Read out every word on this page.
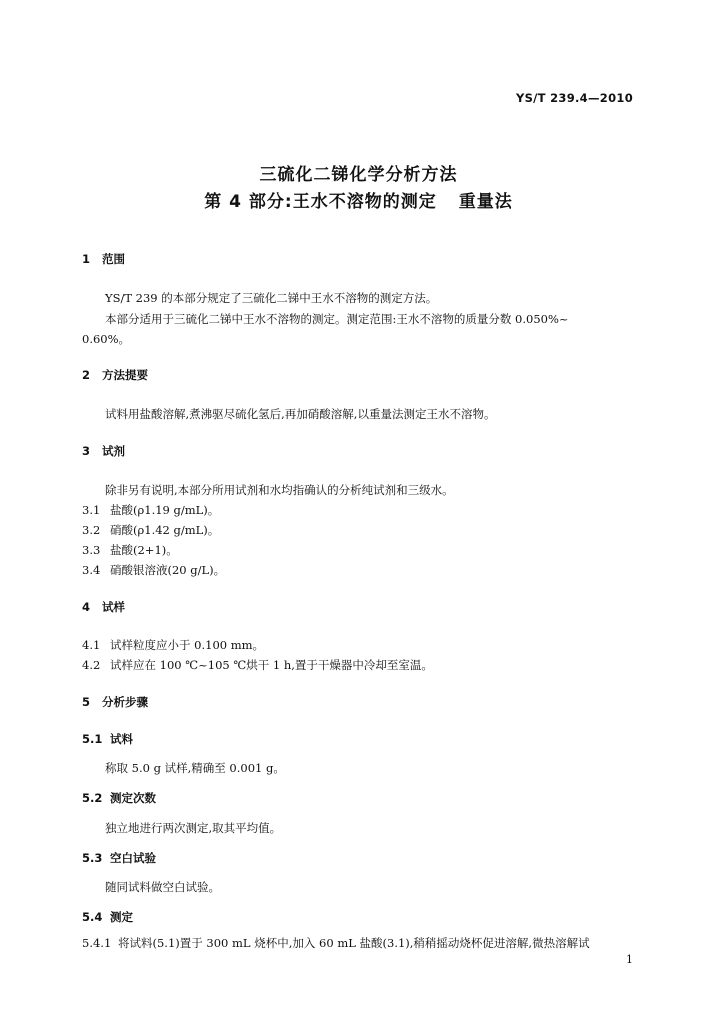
YS/T 239.4—2010
三硫化二锑化学分析方法
第 4 部分:王水不溶物的测定 重量法
1 范围
YS/T 239 的本部分规定了三硫化二锑中王水不溶物的测定方法。
本部分适用于三硫化二锑中王水不溶物的测定。测定范围:王水不溶物的质量分数 0.050%~
0.60%。
2 方法提要
试料用盐酸溶解,煮沸驱尽硫化氢后,再加硝酸溶解,以重量法测定王水不溶物。
3 试剂
除非另有说明,本部分所用试剂和水均指确认的分析纯试剂和三级水。
3.1 盐酸(ρ1.19 g/mL)。
3.2 硝酸(ρ1.42 g/mL)。
3.3 盐酸(2+1)。
3.4 硝酸银溶液(20 g/L)。
4 试样
4.1 试样粒度应小于 0.100 mm。
4.2 试样应在 100 ℃~105 ℃烘干 1 h,置于干燥器中冷却至室温。
5 分析步骤
5.1 试料
称取 5.0 g 试样,精确至 0.001 g。
5.2 测定次数
独立地进行两次测定,取其平均值。
5.3 空白试验
随同试料做空白试验。
5.4 测定
5.4.1 将试料(5.1)置于 300 mL 烧杯中,加入 60 mL 盐酸(3.1),稍稍摇动烧杯促进溶解,微热溶解试
1
